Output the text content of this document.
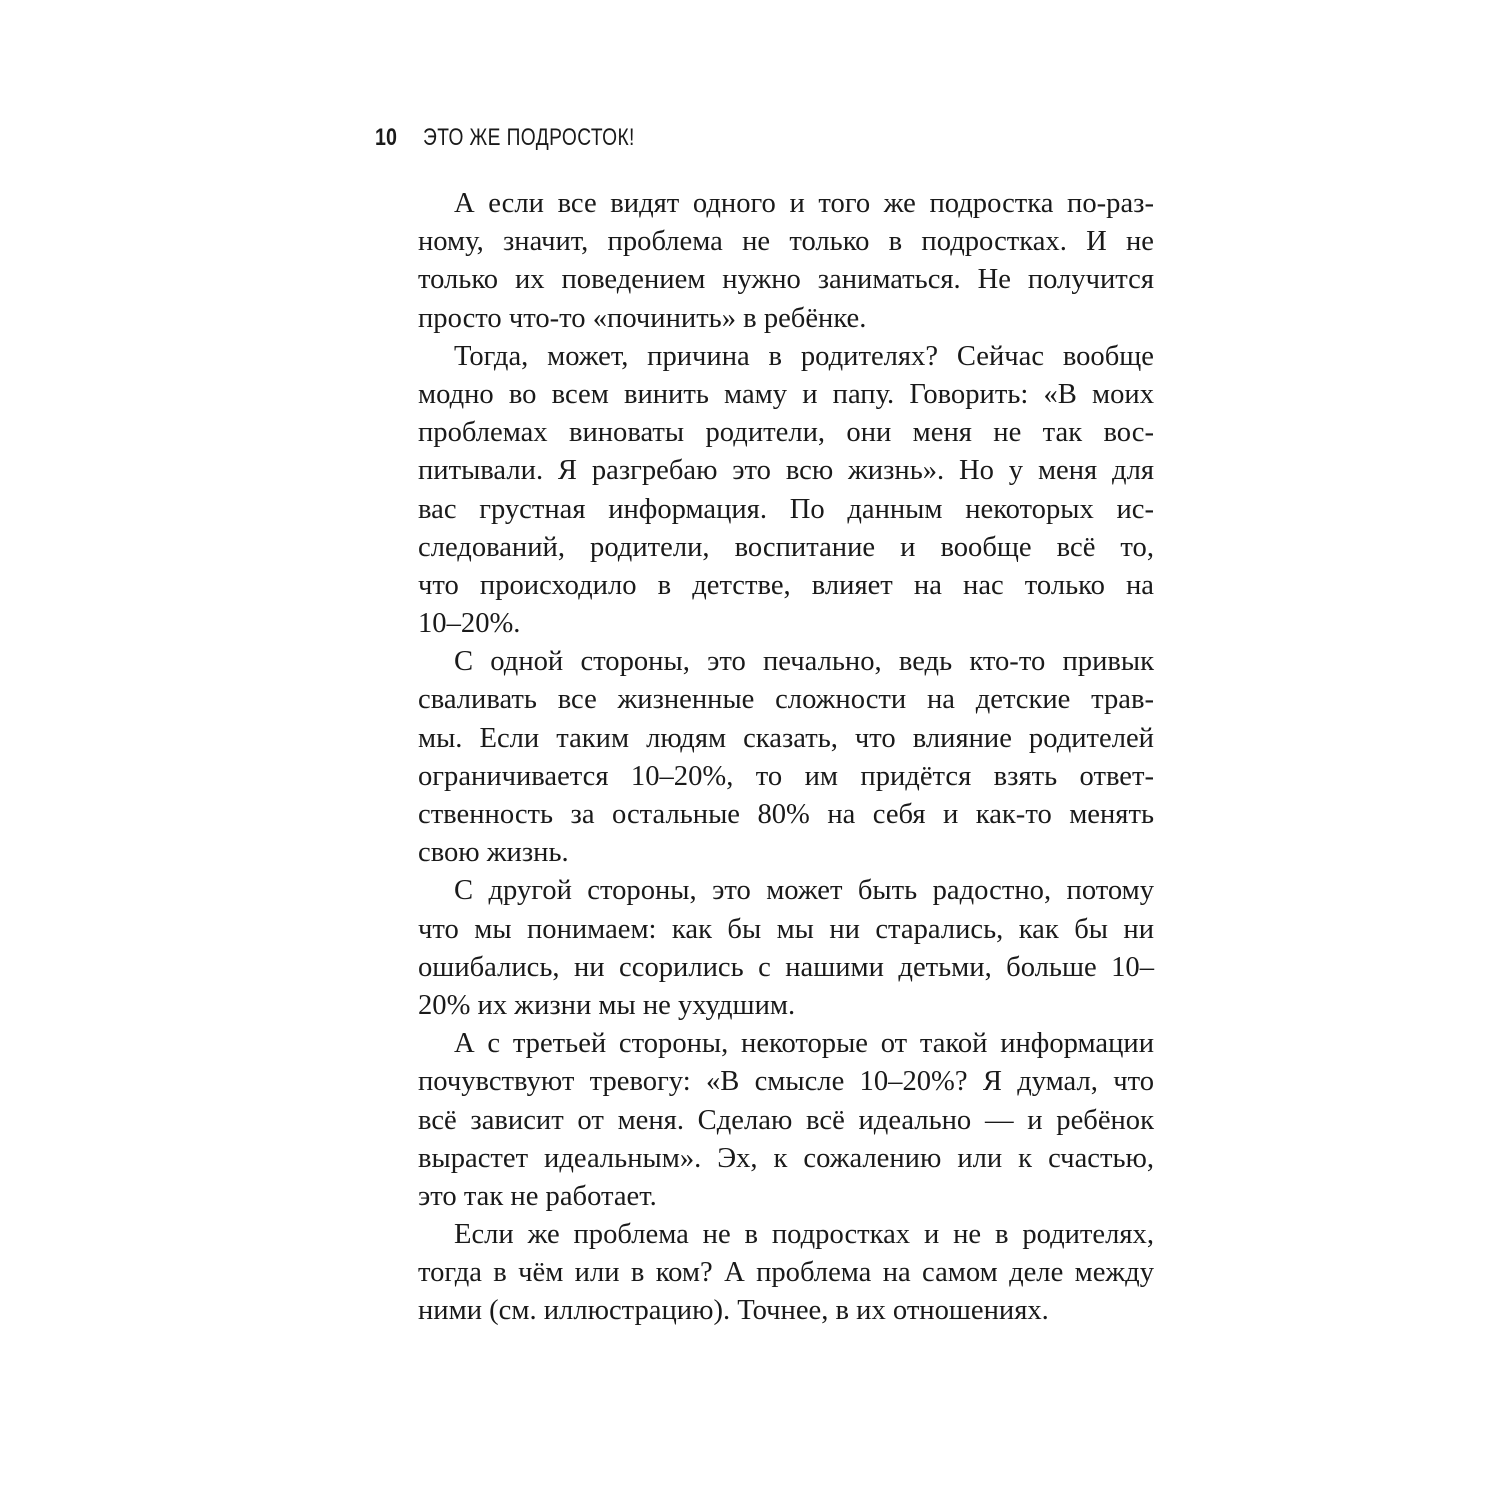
10 ЭТО ЖЕ ПОДРОСТОК!

А если все видят одного и того же подростка по-раз-
ному, значит, проблема не только в подростках. И не
только их поведением нужно заниматься. Не получится
просто что-то «починить» в ребёнке.

Тогда, может, причина в родителях? Сейчас вообще
модно во всем винить маму и папу. Говорить: «В моих
проблемах виноваты родители, они меня не так вос-
питывали. Я разгребаю это всю жизнь». Но у меня для
вас грустная информация. По данным некоторых ис-
следований, родители, воспитание и вообще всё то,
что происходило в детстве, влияет на нас только на
10–20%.

С одной стороны, это печально, ведь кто-то привык
сваливать все жизненные сложности на детские трав-
мы. Если таким людям сказать, что влияние родителей
ограничивается 10–20%, то им придётся взять ответ-
ственность за остальные 80% на себя и как-то менять
свою жизнь.

С другой стороны, это может быть радостно, потому
что мы понимаем: как бы мы ни старались, как бы ни
ошибались, ни ссорились с нашими детьми, больше 10–
20% их жизни мы не ухудшим.

А с третьей стороны, некоторые от такой информации
почувствуют тревогу: «В смысле 10–20%? Я думал, что
всё зависит от меня. Сделаю всё идеально — и ребёнок
вырастет идеальным». Эх, к сожалению или к счастью,
это так не работает.

Если же проблема не в подростках и не в родителях,
тогда в чём или в ком? А проблема на самом деле между
ними (см. иллюстрацию). Точнее, в их отношениях.
